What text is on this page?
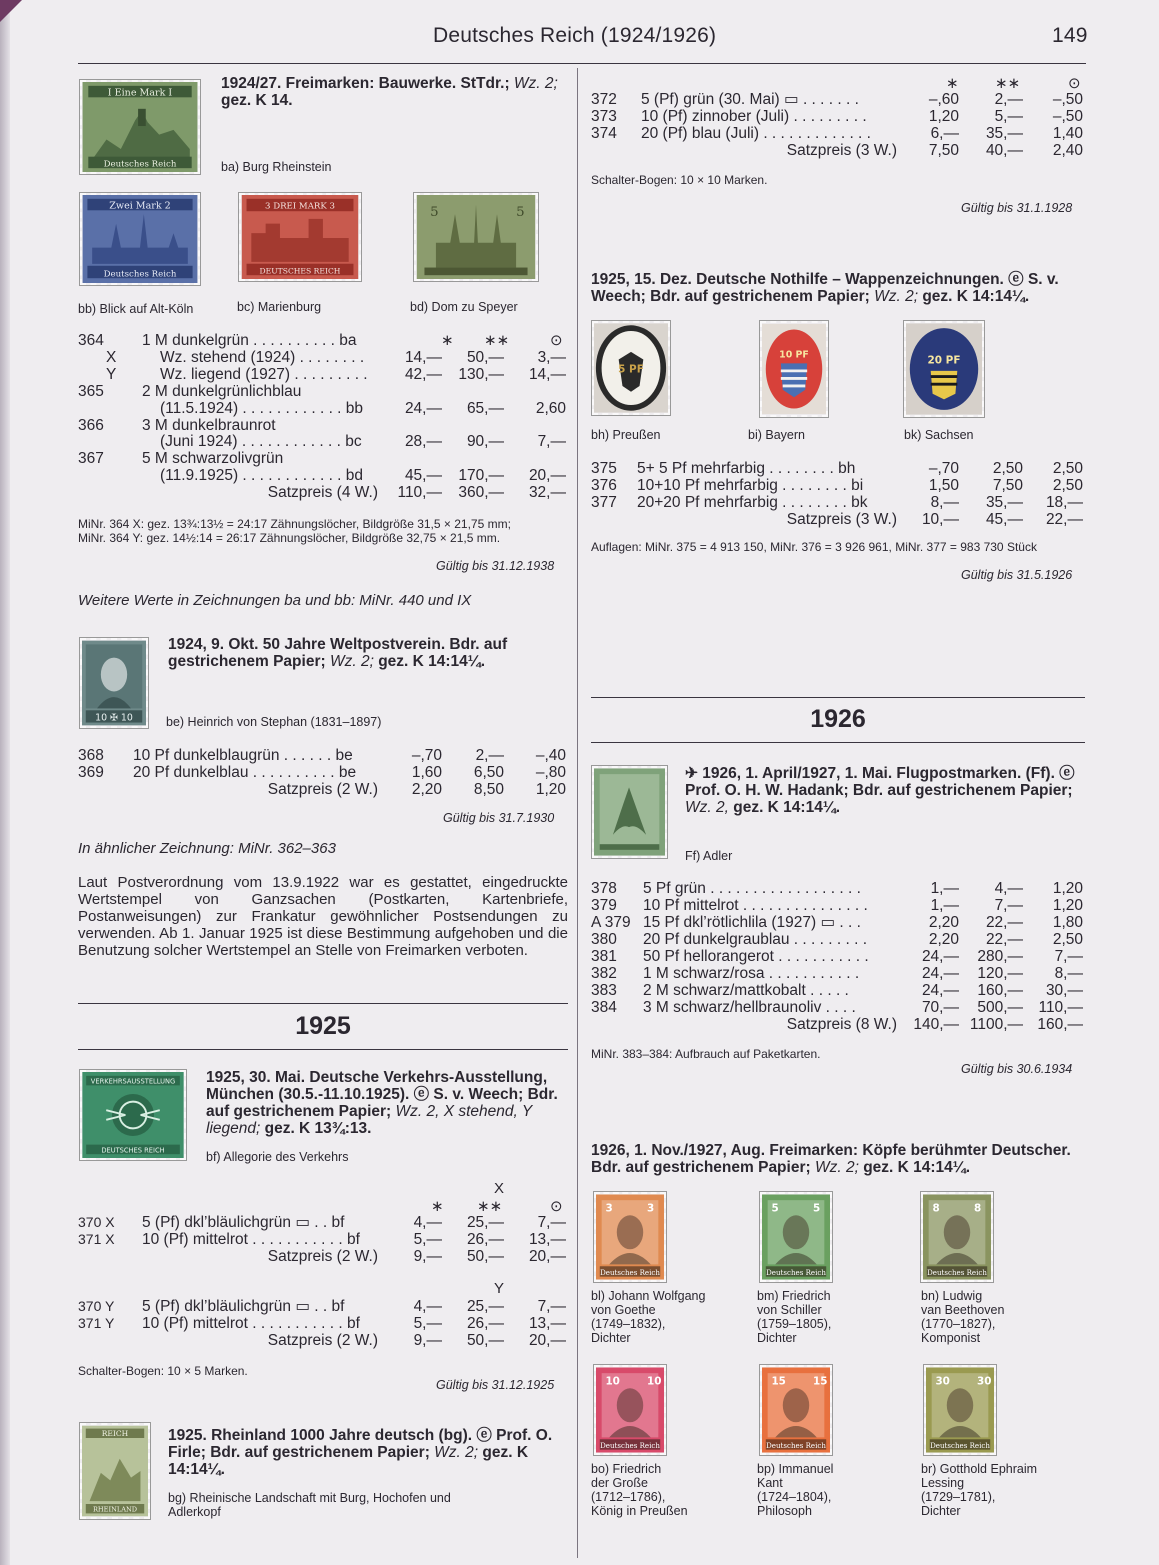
Deutsches Reich (1924/1926)	149
I Eine Mark I
Deutsches Reich
1924/27. Freimarken: Bauwerke. StTdr.; Wz. 2; gez. K 14.
ba) Burg Rheinstein
Zwei Mark 2
Deutsches Reich
3 DREI MARK 3
DEUTSCHES REICH
5	5
bb) Blick auf Alt-Köln	bc) Marienburg	bd) Dom zu Speyer
364 1 M dunkelgrün . . . . . . . . . . ba
X	Wz. stehend (1924) . . . . . . . .	14,— 50,— 3,—
Y	Wz. liegend (1927) . . . . . . . . . 42,— 130,— 14,—
365 2 M dunkelgrünlichblau
(11.5.1924) . . . . . . . . . . . . bb	24,— 65,— 2,60
366 3 M dunkelbraunrot
(Juni 1924) . . . . . . . . . . . . bc	28,— 90,— 7,—
367 5 M schwarzolivgrün
(11.9.1925) . . . . . . . . . . . . bd	45,— 170,— 20,—
Satzpreis (4 W.) 110,— 360,— 32,—
MiNr. 364 X: gez. 13¾:13½ = 24:17 Zähnungslöcher, Bildgröße 31,5 × 21,75 mm;
MiNr. 364 Y: gez. 14½:14 = 26:17 Zähnungslöcher, Bildgröße 32,75 × 21,5 mm.
Gültig bis 31.12.1938
Weitere Werte in Zeichnungen ba und bb: MiNr. 440 und IX
10 ✠ 10
1924, 9. Okt. 50 Jahre Weltpostverein. Bdr. auf gestrichenem Papier; Wz. 2; gez. K 14:14¼.
be) Heinrich von Stephan (1831–1897)
368 10 Pf dunkelblaugrün . . . . . . be	–,70 2,— –,40
369 20 Pf dunkelblau . . . . . . . . . . be	1,60 6,50 –,80
Satzpreis (2 W.) 2,20 8,50 1,20
Gültig bis 31.7.1930
In ähnlicher Zeichnung: MiNr. 362–363
Laut Postverordnung vom 13.9.1922 war es gestattet, eingedruckte Wertstempel von Ganzsachen (Postkarten, Kartenbriefe, Postanweisungen) zur Frankatur gewöhnlicher Postsendungen zu verwenden. Ab 1. Januar 1925 ist diese Bestimmung aufgehoben und die Benutzung solcher Wertstempel an Stelle von Freimarken verboten.
1925
VERKEHRSAUSSTELLUNG
DEUTSCHES REICH
1925, 30. Mai. Deutsche Verkehrs-Ausstellung, München (30.5.-11.10.1925). ⓔ S. v. Weech; Bdr. auf gestrichenem Papier; Wz. 2, X stehend, Y liegend; gez. K 13¾:13.
bf) Allegorie des Verkehrs
X
370 X 5 (Pf) dkl’bläulichgrün ▭ . . bf	4,— 25,— 7,—
371 X 10 (Pf) mittelrot . . . . . . . . . . . bf	5,— 26,— 13,—
Satzpreis (2 W.) 9,— 50,— 20,—
Y
370 Y 5 (Pf) dkl’bläulichgrün ▭ . . bf	4,— 25,— 7,—
371 Y 10 (Pf) mittelrot . . . . . . . . . . . bf	5,— 26,— 13,—
Satzpreis (2 W.) 9,— 50,— 20,—
Schalter-Bogen: 10 × 5 Marken.
Gültig bis 31.12.1925
REICH
RHEINLAND
1925. Rheinland 1000 Jahre deutsch (bg). ⓔ Prof. O. Firle; Bdr. auf gestrichenem Papier; Wz. 2; gez. K 14:14¼.
bg) Rheinische Landschaft mit Burg, Hochofen und Adlerkopf
372 5 (Pf) grün (30. Mai) ▭ . . . . . . .	–,60 2,— –,50
373 10 (Pf) zinnober (Juli) . . . . . . . . .	1,20 5,— –,50
374 20 (Pf) blau (Juli) . . . . . . . . . . . . .	6,— 35,— 1,40
Satzpreis (3 W.) 7,50 40,— 2,40
Schalter-Bogen: 10 × 10 Marken.
Gültig bis 31.1.1928
1925, 15. Dez. Deutsche Nothilfe – Wappenzeichnungen. ⓔ S. v. Weech; Bdr. auf gestrichenem Papier; Wz. 2; gez. K 14:14¼.
5 PF
10 PF	20 PF
bh) Preußen	bi) Bayern	bk) Sachsen
375 5+ 5 Pf mehrfarbig . . . . . . . . bh	–,70 2,50 2,50
376 10+10 Pf mehrfarbig . . . . . . . . bi	1,50 7,50 2,50
377 20+20 Pf mehrfarbig . . . . . . . . bk	8,— 35,— 18,—
Satzpreis (3 W.) 10,— 45,— 22,—
Auflagen: MiNr. 375 = 4 913 150, MiNr. 376 = 3 926 961, MiNr. 377 = 983 730 Stück
Gültig bis 31.5.1926
1926
✈ 1926, 1. April/1927, 1. Mai. Flugpostmarken. (Ff). ⓔ Prof. O. H. W. Hadank; Bdr. auf gestrichenem Papier; Wz. 2, gez. K 14:14¼.
Ff) Adler
378 5 Pf grün . . . . . . . . . . . . . . . . . .	1,— 4,— 1,20
379 10 Pf mittelrot . . . . . . . . . . . . . . .	1,— 7,— 1,20
A 379 15 Pf dkl’rötlichlila (1927) ▭ . . .	2,20 22,— 1,80
380 20 Pf dunkelgraublau . . . . . . . . .	2,20 22,— 2,50
381 50 Pf hellorangerot . . . . . . . . . . .	24,— 280,— 7,—
382 1 M schwarz/rosa . . . . . . . . . . .	24,— 120,— 8,—
383 2 M schwarz/mattkobalt . . . . .	24,— 160,— 30,—
384 3 M schwarz/hellbraunoliv . . . .	70,— 500,— 110,—
Satzpreis (8 W.) 140,— 1100,— 160,—
MiNr. 383–384: Aufbrauch auf Paketkarten.
Gültig bis 30.6.1934
1926, 1. Nov./1927, Aug. Freimarken: Köpfe berühmter Deutscher. Bdr. auf gestrichenem Papier; Wz. 2; gez. K 14:14¼.
∗ ∗∗	⊙
∗ ∗∗	⊙
∗ ∗∗	⊙
3	3
Deutsches Reich
bl) Johann Wolfgang
von Goethe
(1749–1832),
Dichter
5	5
Deutsches Reich
bm) Friedrich
von Schiller
(1759–1805),
Dichter
8	8
Deutsches Reich
bn) Ludwig
van Beethoven
(1770–1827),
Komponist
10 10
Deutsches Reich
bo) Friedrich
der Große
(1712–1786),
König in Preußen
15 15
Deutsches Reich
bp) Immanuel
Kant
(1724–1804),
Philosoph
30 30
Deutsches Reich
br) Gotthold Ephraim
Lessing
(1729–1781),
Dichter
